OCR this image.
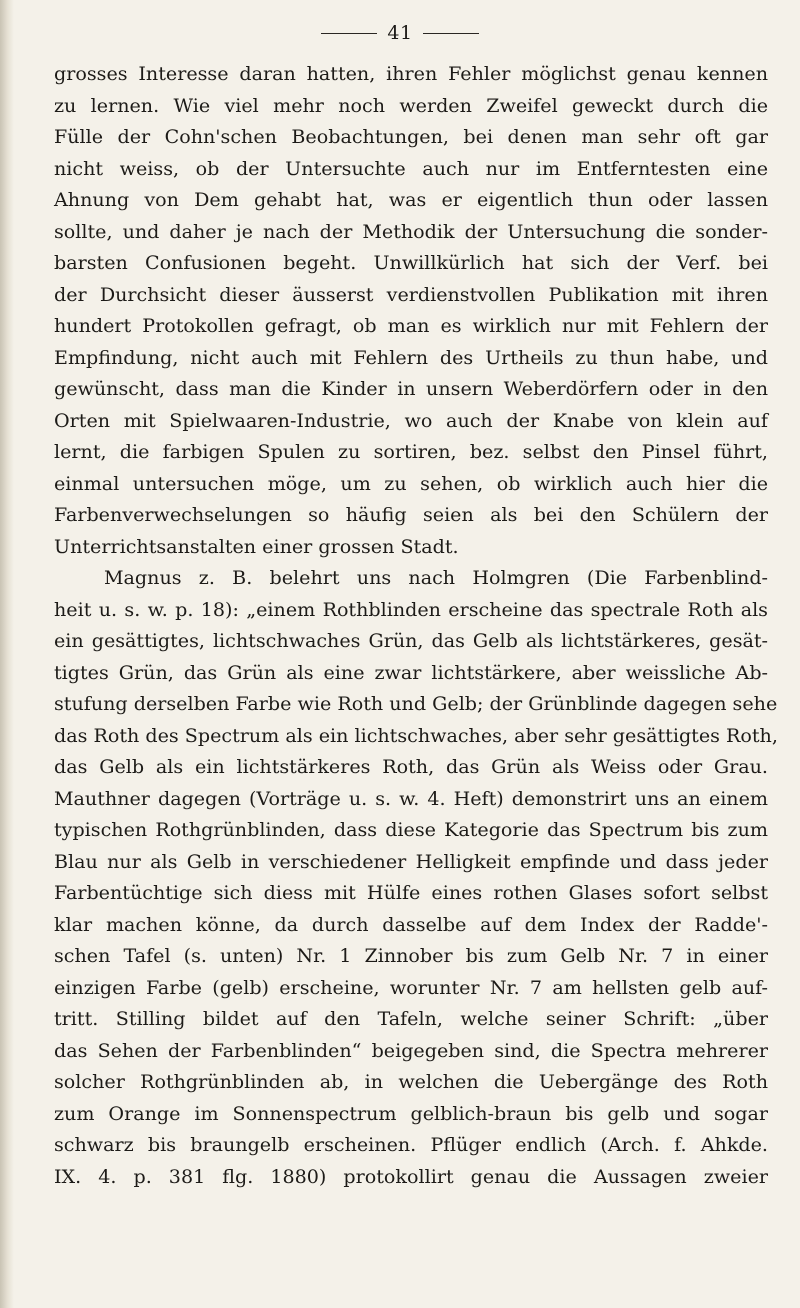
41
grosses Interesse daran hatten, ihren Fehler möglichst genau kennen
zu lernen. Wie viel mehr noch werden Zweifel geweckt durch die
Fülle der Cohn'schen Beobachtungen, bei denen man sehr oft gar
nicht weiss, ob der Untersuchte auch nur im Entferntesten eine
Ahnung von Dem gehabt hat, was er eigentlich thun oder lassen
sollte, und daher je nach der Methodik der Untersuchung die sonder-
barsten Confusionen begeht. Unwillkürlich hat sich der Verf. bei
der Durchsicht dieser äusserst verdienstvollen Publikation mit ihren
hundert Protokollen gefragt, ob man es wirklich nur mit Fehlern der
Empfindung, nicht auch mit Fehlern des Urtheils zu thun habe, und
gewünscht, dass man die Kinder in unsern Weberdörfern oder in den
Orten mit Spielwaaren-Industrie, wo auch der Knabe von klein auf
lernt, die farbigen Spulen zu sortiren, bez. selbst den Pinsel führt,
einmal untersuchen möge, um zu sehen, ob wirklich auch hier die
Farbenverwechselungen so häufig seien als bei den Schülern der
Unterrichtsanstalten einer grossen Stadt.
Magnus z. B. belehrt uns nach Holmgren (Die Farbenblind-
heit u. s. w. p. 18): „einem Rothblinden erscheine das spectrale Roth als
ein gesättigtes, lichtschwaches Grün, das Gelb als lichtstärkeres, gesät-
tigtes Grün, das Grün als eine zwar lichtstärkere, aber weissliche Ab-
stufung derselben Farbe wie Roth und Gelb; der Grünblinde dagegen sehe
das Roth des Spectrum als ein lichtschwaches, aber sehr gesättigtes Roth,
das Gelb als ein lichtstärkeres Roth, das Grün als Weiss oder Grau.
Mauthner dagegen (Vorträge u. s. w. 4. Heft) demonstrirt uns an einem
typischen Rothgrünblinden, dass diese Kategorie das Spectrum bis zum
Blau nur als Gelb in verschiedener Helligkeit empfinde und dass jeder
Farbentüchtige sich diess mit Hülfe eines rothen Glases sofort selbst
klar machen könne, da durch dasselbe auf dem Index der Radde'-
schen Tafel (s. unten) Nr. 1 Zinnober bis zum Gelb Nr. 7 in einer
einzigen Farbe (gelb) erscheine, worunter Nr. 7 am hellsten gelb auf-
tritt. Stilling bildet auf den Tafeln, welche seiner Schrift: „über
das Sehen der Farbenblinden“ beigegeben sind, die Spectra mehrerer
solcher Rothgrünblinden ab, in welchen die Uebergänge des Roth
zum Orange im Sonnenspectrum gelblich-braun bis gelb und sogar
schwarz bis braungelb erscheinen. Pflüger endlich (Arch. f. Ahkde.
IX. 4. p. 381 flg. 1880) protokollirt genau die Aussagen zweier
